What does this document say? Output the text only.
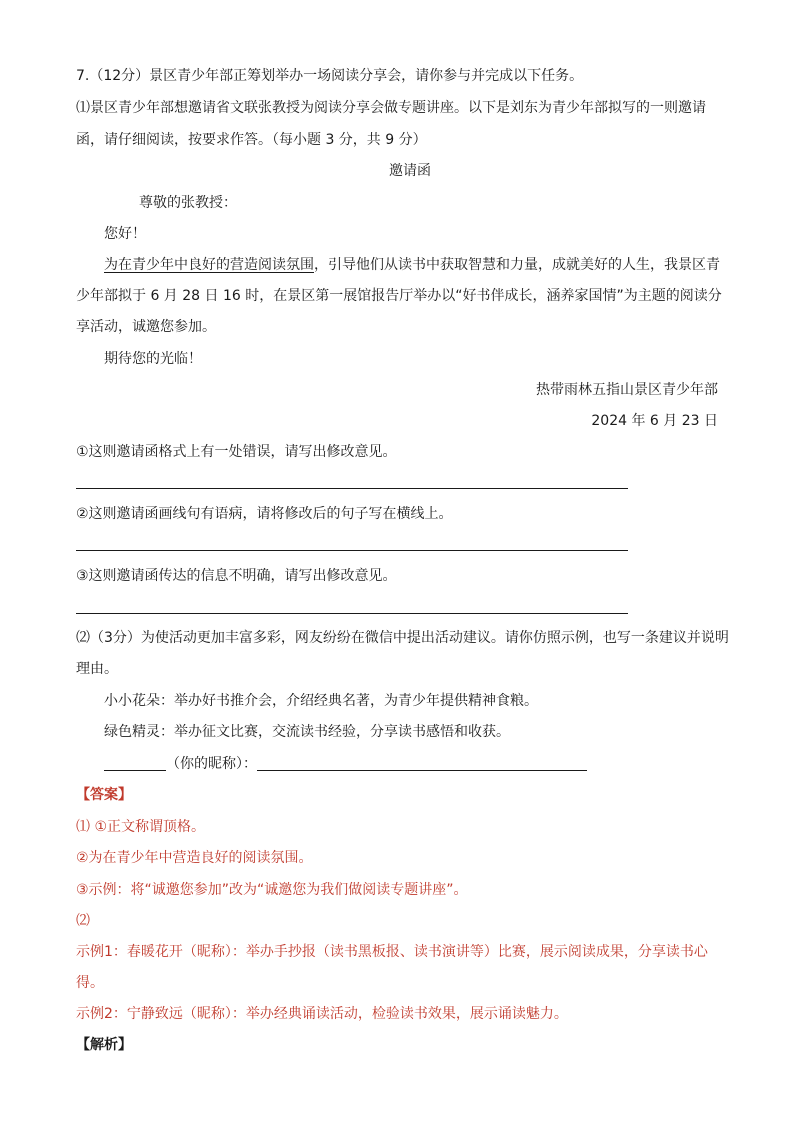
7.（12分）景区青少年部正筹划举办一场阅读分享会，请你参与并完成以下任务。
⑴景区青少年部想邀请省文联张教授为阅读分享会做专题讲座。以下是刘东为青少年部拟写的一则邀请
函，请仔细阅读，按要求作答。（每小题 3 分，共 9 分）
邀请函
尊敬的张教授：
您好！
为在青少年中良好的营造阅读氛围，引导他们从读书中获取智慧和力量，成就美好的人生，我景区青
少年部拟于 6 月 28 日 16 时，在景区第一展馆报告厅举办以“好书伴成长，涵养家国情”为主题的阅读分
享活动，诚邀您参加。
期待您的光临！
热带雨林五指山景区青少年部
2024 年 6 月 23 日
①这则邀请函格式上有一处错误，请写出修改意见。
②这则邀请函画线句有语病，请将修改后的句子写在横线上。
③这则邀请函传达的信息不明确，请写出修改意见。
⑵（3分）为使活动更加丰富多彩，网友纷纷在微信中提出活动建议。请你仿照示例，也写一条建议并说明
理由。
小小花朵：举办好书推介会，介绍经典名著，为青少年提供精神食粮。
绿色精灵：举办征文比赛，交流读书经验，分享读书感悟和收获。
（你的昵称）：
【答案】
⑴ ①正文称谓顶格。
②为在青少年中营造良好的阅读氛围。
③示例：将“诚邀您参加”改为“诚邀您为我们做阅读专题讲座”。
⑵
示例1：春暖花开（昵称）：举办手抄报（读书黑板报、读书演讲等）比赛，展示阅读成果，分享读书心
得。
示例2：宁静致远（昵称）：举办经典诵读活动，检验读书效果，展示诵读魅力。
【解析】
